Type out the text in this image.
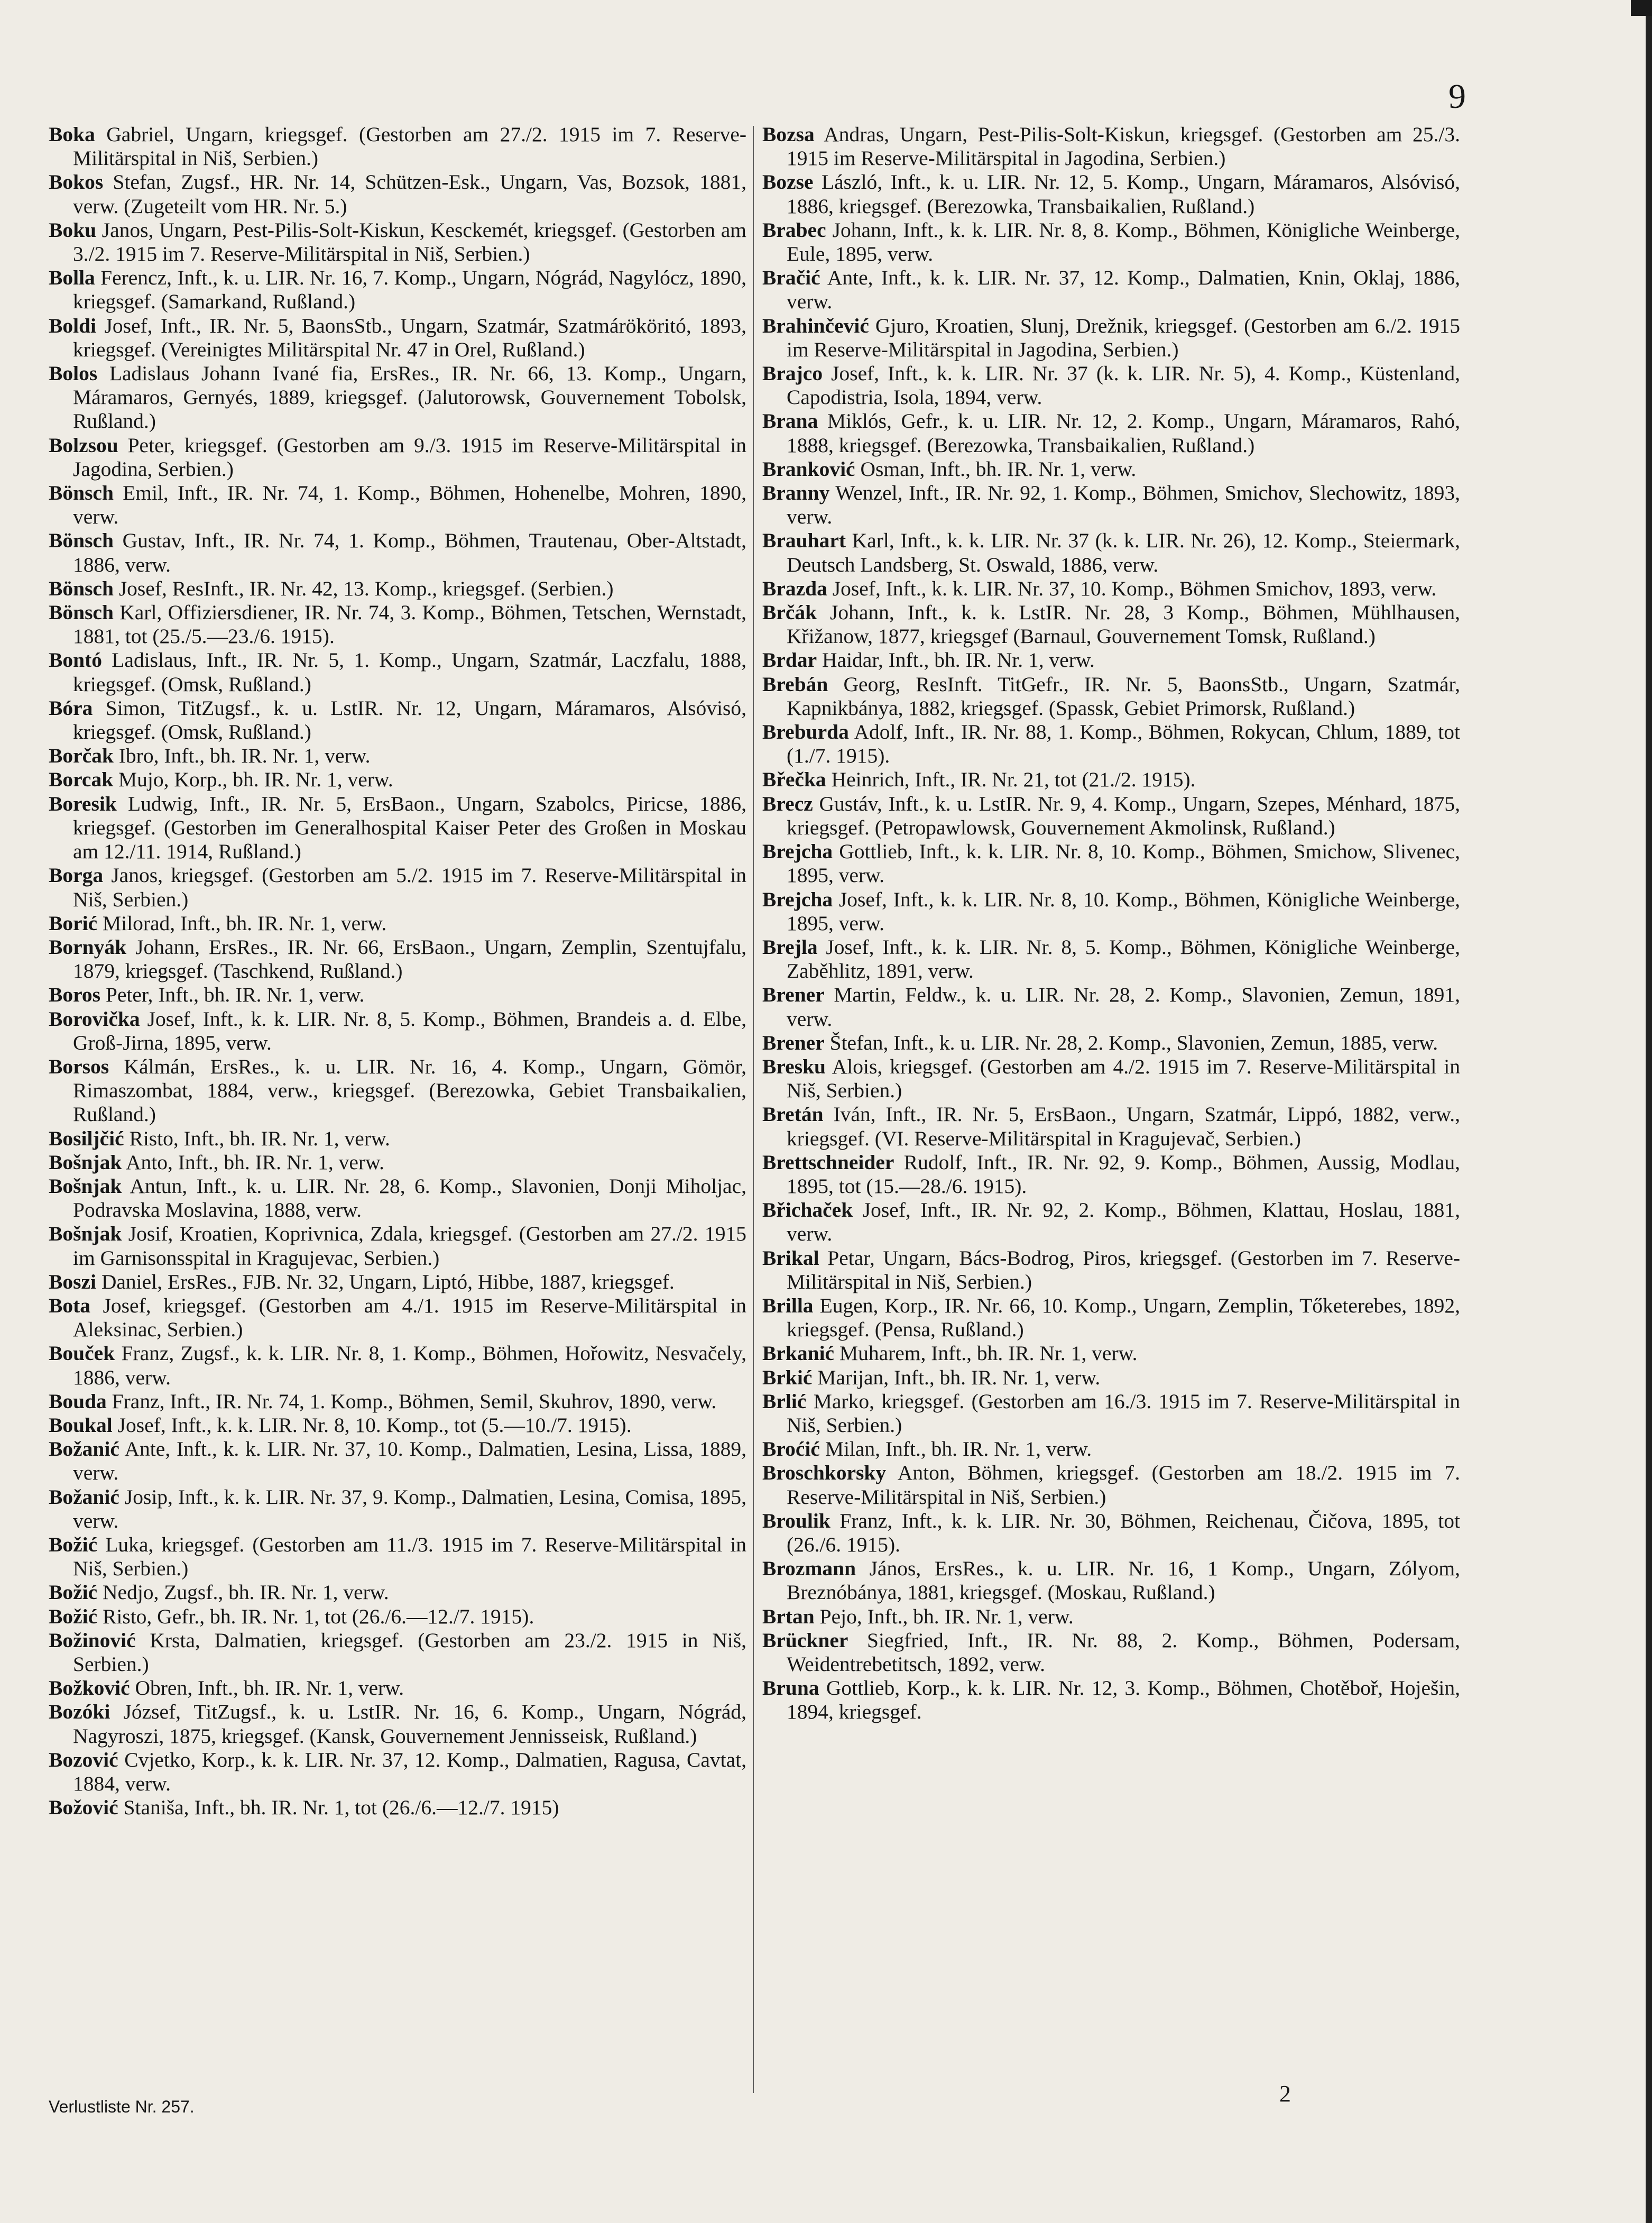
9

Boka Gabriel, Ungarn, kriegsgef. (Gestorben am 27./2. 1915 im 7. Reserve-Militärspital in Niš, Serbien.)

Bokos Stefan, Zugsf., HR. Nr. 14, Schützen-Esk., Ungarn, Vas, Bozsok, 1881, verw. (Zugeteilt vom HR. Nr. 5.)

Boku Janos, Ungarn, Pest-Pilis-Solt-Kiskun, Kesckemét, kriegsgef. (Gestorben am 3./2. 1915 im 7. Reserve-Militärspital in Niš, Serbien.)

Bolla Ferencz, Inft., k. u. LIR. Nr. 16, 7. Komp., Ungarn, Nógrád, Nagylócz, 1890, kriegsgef. (Samarkand, Rußland.)

Boldi Josef, Inft., IR. Nr. 5, BaonsStb., Ungarn, Szatmár, Szatmárököritó, 1893, kriegsgef. (Vereinigtes Militärspital Nr. 47 in Orel, Rußland.)

Bolos Ladislaus Johann Ivané fia, ErsRes., IR. Nr. 66, 13. Komp., Ungarn, Máramaros, Gernyés, 1889, kriegsgef. (Jalutorowsk, Gouvernement Tobolsk, Rußland.)

Bolzsou Peter, kriegsgef. (Gestorben am 9./3. 1915 im Reserve-Militärspital in Jagodina, Serbien.)

Bönsch Emil, Inft., IR. Nr. 74, 1. Komp., Böhmen, Hohenelbe, Mohren, 1890, verw.

Bönsch Gustav, Inft., IR. Nr. 74, 1. Komp., Böhmen, Trautenau, Ober-Altstadt, 1886, verw.

Bönsch Josef, ResInft., IR. Nr. 42, 13. Komp., kriegsgef. (Serbien.)

Bönsch Karl, Offiziersdiener, IR. Nr. 74, 3. Komp., Böhmen, Tetschen, Wernstadt, 1881, tot (25./5.—23./6. 1915).

Bontó Ladislaus, Inft., IR. Nr. 5, 1. Komp., Ungarn, Szatmár, Laczfalu, 1888, kriegsgef. (Omsk, Rußland.)

Bóra Simon, TitZugsf., k. u. LstIR. Nr. 12, Ungarn, Máramaros, Alsóvisó, kriegsgef. (Omsk, Rußland.)

Borčak Ibro, Inft., bh. IR. Nr. 1, verw.

Borcak Mujo, Korp., bh. IR. Nr. 1, verw.

Boresik Ludwig, Inft., IR. Nr. 5, ErsBaon., Ungarn, Szabolcs, Piricse, 1886, kriegsgef. (Gestorben im Generalhospital Kaiser Peter des Großen in Moskau am 12./11. 1914, Rußland.)

Borga Janos, kriegsgef. (Gestorben am 5./2. 1915 im 7. Reserve-Militärspital in Niš, Serbien.)

Borić Milorad, Inft., bh. IR. Nr. 1, verw.

Bornyák Johann, ErsRes., IR. Nr. 66, ErsBaon., Ungarn, Zemplin, Szentujfalu, 1879, kriegsgef. (Taschkend, Rußland.)

Boros Peter, Inft., bh. IR. Nr. 1, verw.

Borovička Josef, Inft., k. k. LIR. Nr. 8, 5. Komp., Böhmen, Brandeis a. d. Elbe, Groß-Jirna, 1895, verw.

Borsos Kálmán, ErsRes., k. u. LIR. Nr. 16, 4. Komp., Ungarn, Gömör, Rimaszombat, 1884, verw., kriegsgef. (Berezowka, Gebiet Transbaikalien, Rußland.)

Bosiljčić Risto, Inft., bh. IR. Nr. 1, verw.

Bošnjak Anto, Inft., bh. IR. Nr. 1, verw.

Bošnjak Antun, Inft., k. u. LIR. Nr. 28, 6. Komp., Slavonien, Donji Miholjac, Podravska Moslavina, 1888, verw.

Bošnjak Josif, Kroatien, Koprivnica, Zdala, kriegsgef. (Gestorben am 27./2. 1915 im Garnisonsspital in Kragujevac, Serbien.)

Boszi Daniel, ErsRes., FJB. Nr. 32, Ungarn, Liptó, Hibbe, 1887, kriegsgef.

Bota Josef, kriegsgef. (Gestorben am 4./1. 1915 im Reserve-Militärspital in Aleksinac, Serbien.)

Bouček Franz, Zugsf., k. k. LIR. Nr. 8, 1. Komp., Böhmen, Hořowitz, Nesvačely, 1886, verw.

Bouda Franz, Inft., IR. Nr. 74, 1. Komp., Böhmen, Semil, Skuhrov, 1890, verw.

Boukal Josef, Inft., k. k. LIR. Nr. 8, 10. Komp., tot (5.—10./7. 1915).

Božanić Ante, Inft., k. k. LIR. Nr. 37, 10. Komp., Dalmatien, Lesina, Lissa, 1889, verw.

Božanić Josip, Inft., k. k. LIR. Nr. 37, 9. Komp., Dalmatien, Lesina, Comisa, 1895, verw.

Božić Luka, kriegsgef. (Gestorben am 11./3. 1915 im 7. Reserve-Militärspital in Niš, Serbien.)

Božić Nedjo, Zugsf., bh. IR. Nr. 1, verw.

Božić Risto, Gefr., bh. IR. Nr. 1, tot (26./6.—12./7. 1915).

Božinović Krsta, Dalmatien, kriegsgef. (Gestorben am 23./2. 1915 in Niš, Serbien.)

Božković Obren, Inft., bh. IR. Nr. 1, verw.

Bozóki József, TitZugsf., k. u. LstIR. Nr. 16, 6. Komp., Ungarn, Nógrád, Nagyroszi, 1875, kriegsgef. (Kansk, Gouvernement Jennisseisk, Rußland.)

Bozović Cvjetko, Korp., k. k. LIR. Nr. 37, 12. Komp., Dalmatien, Ragusa, Cavtat, 1884, verw.

Božović Staniša, Inft., bh. IR. Nr. 1, tot (26./6.—12./7. 1915)

Bozsa Andras, Ungarn, Pest-Pilis-Solt-Kiskun, kriegsgef. (Gestorben am 25./3. 1915 im Reserve-Militärspital in Jagodina, Serbien.)

Bozse László, Inft., k. u. LIR. Nr. 12, 5. Komp., Ungarn, Máramaros, Alsóvisó, 1886, kriegsgef. (Berezowka, Transbaikalien, Rußland.)

Brabec Johann, Inft., k. k. LIR. Nr. 8, 8. Komp., Böhmen, Königliche Weinberge, Eule, 1895, verw.

Bračić Ante, Inft., k. k. LIR. Nr. 37, 12. Komp., Dalmatien, Knin, Oklaj, 1886, verw.

Brahinčević Gjuro, Kroatien, Slunj, Drežnik, kriegsgef. (Gestorben am 6./2. 1915 im Reserve-Militärspital in Jagodina, Serbien.)

Brajco Josef, Inft., k. k. LIR. Nr. 37 (k. k. LIR. Nr. 5), 4. Komp., Küstenland, Capodistria, Isola, 1894, verw.

Brana Miklós, Gefr., k. u. LIR. Nr. 12, 2. Komp., Ungarn, Máramaros, Rahó, 1888, kriegsgef. (Berezowka, Transbaikalien, Rußland.)

Branković Osman, Inft., bh. IR. Nr. 1, verw.

Branny Wenzel, Inft., IR. Nr. 92, 1. Komp., Böhmen, Smichov, Slechowitz, 1893, verw.

Brauhart Karl, Inft., k. k. LIR. Nr. 37 (k. k. LIR. Nr. 26), 12. Komp., Steiermark, Deutsch Landsberg, St. Oswald, 1886, verw.

Brazda Josef, Inft., k. k. LIR. Nr. 37, 10. Komp., Böhmen Smichov, 1893, verw.

Brčák Johann, Inft., k. k. LstIR. Nr. 28, 3 Komp., Böhmen, Mühlhausen, Křižanow, 1877, kriegsgef (Barnaul, Gouvernement Tomsk, Rußland.)

Brdar Haidar, Inft., bh. IR. Nr. 1, verw.

Brebán Georg, ResInft. TitGefr., IR. Nr. 5, BaonsStb., Ungarn, Szatmár, Kapnikbánya, 1882, kriegsgef. (Spassk, Gebiet Primorsk, Rußland.)

Breburda Adolf, Inft., IR. Nr. 88, 1. Komp., Böhmen, Rokycan, Chlum, 1889, tot (1./7. 1915).

Břečka Heinrich, Inft., IR. Nr. 21, tot (21./2. 1915).

Brecz Gustáv, Inft., k. u. LstIR. Nr. 9, 4. Komp., Ungarn, Szepes, Ménhard, 1875, kriegsgef. (Petropawlowsk, Gouvernement Akmolinsk, Rußland.)

Brejcha Gottlieb, Inft., k. k. LIR. Nr. 8, 10. Komp., Böhmen, Smichow, Slivenec, 1895, verw.

Brejcha Josef, Inft., k. k. LIR. Nr. 8, 10. Komp., Böhmen, Königliche Weinberge, 1895, verw.

Brejla Josef, Inft., k. k. LIR. Nr. 8, 5. Komp., Böhmen, Königliche Weinberge, Zaběhlitz, 1891, verw.

Brener Martin, Feldw., k. u. LIR. Nr. 28, 2. Komp., Slavonien, Zemun, 1891, verw.

Brener Štefan, Inft., k. u. LIR. Nr. 28, 2. Komp., Slavonien, Zemun, 1885, verw.

Bresku Alois, kriegsgef. (Gestorben am 4./2. 1915 im 7. Reserve-Militärspital in Niš, Serbien.)

Bretán Iván, Inft., IR. Nr. 5, ErsBaon., Ungarn, Szatmár, Lippó, 1882, verw., kriegsgef. (VI. Reserve-Militärspital in Kragujevač, Serbien.)

Brettschneider Rudolf, Inft., IR. Nr. 92, 9. Komp., Böhmen, Aussig, Modlau, 1895, tot (15.—28./6. 1915).

Břichaček Josef, Inft., IR. Nr. 92, 2. Komp., Böhmen, Klattau, Hoslau, 1881, verw.

Brikal Petar, Ungarn, Bács-Bodrog, Piros, kriegsgef. (Gestorben im 7. Reserve-Militärspital in Niš, Serbien.)

Brilla Eugen, Korp., IR. Nr. 66, 10. Komp., Ungarn, Zemplin, Tőketerebes, 1892, kriegsgef. (Pensa, Rußland.)

Brkanić Muharem, Inft., bh. IR. Nr. 1, verw.

Brkić Marijan, Inft., bh. IR. Nr. 1, verw.

Brlić Marko, kriegsgef. (Gestorben am 16./3. 1915 im 7. Reserve-Militärspital in Niš, Serbien.)

Broćić Milan, Inft., bh. IR. Nr. 1, verw.

Broschkorsky Anton, Böhmen, kriegsgef. (Gestorben am 18./2. 1915 im 7. Reserve-Militärspital in Niš, Serbien.)

Broulik Franz, Inft., k. k. LIR. Nr. 30, Böhmen, Reichenau, Čičova, 1895, tot (26./6. 1915).

Brozmann János, ErsRes., k. u. LIR. Nr. 16, 1 Komp., Ungarn, Zólyom, Breznóbánya, 1881, kriegsgef. (Moskau, Rußland.)

Brtan Pejo, Inft., bh. IR. Nr. 1, verw.

Brückner Siegfried, Inft., IR. Nr. 88, 2. Komp., Böhmen, Podersam, Weidentrebetitsch, 1892, verw.

Bruna Gottlieb, Korp., k. k. LIR. Nr. 12, 3. Komp., Böhmen, Chotěboř, Hoješin, 1894, kriegsgef.

Verlustliste Nr. 257.	2
